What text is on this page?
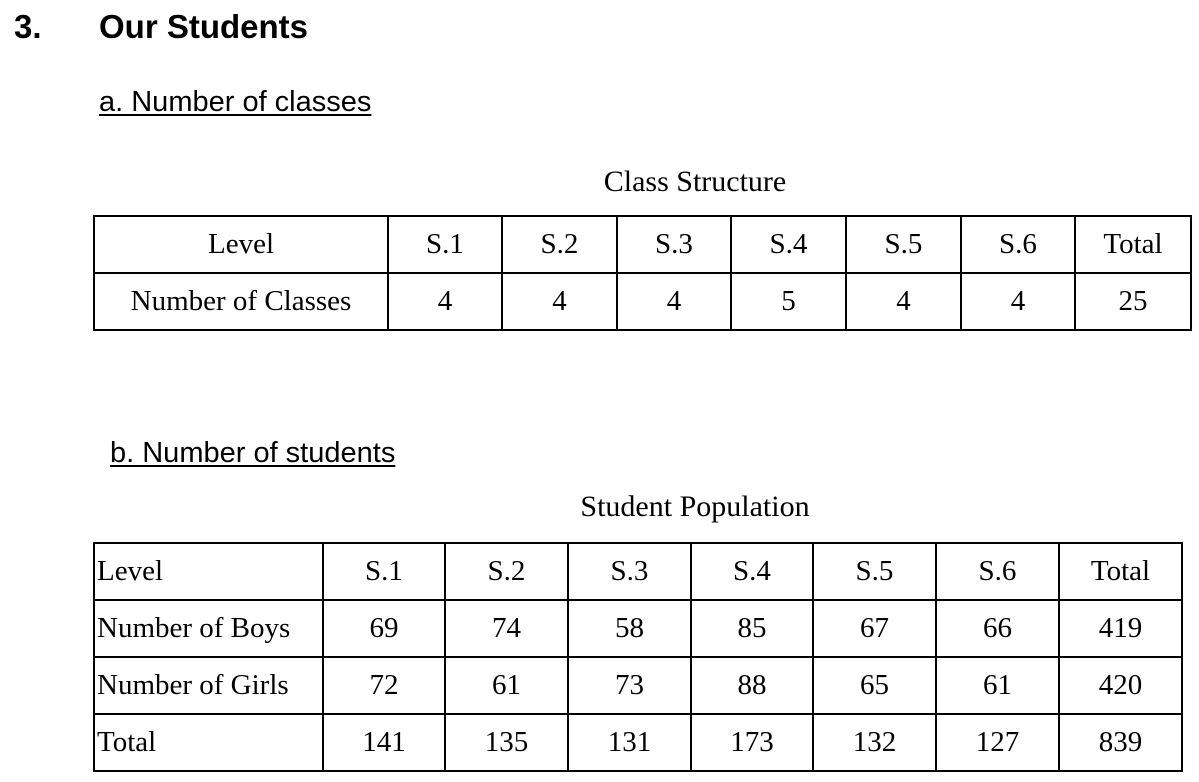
3. Our Students
a. Number of classes
Class Structure
Level	S.1	S.2	S.3	S.4	S.5	S.6	Total
Number of Classes	4	4	4	5	4	4	25
b. Number of students
Student Population
Level	S.1	S.2	S.3	S.4	S.5	S.6	Total
Number of Boys	69	74	58	85	67	66	419
Number of Girls	72	61	73	88	65	61	420
Total	141	135	131	173	132	127	839
